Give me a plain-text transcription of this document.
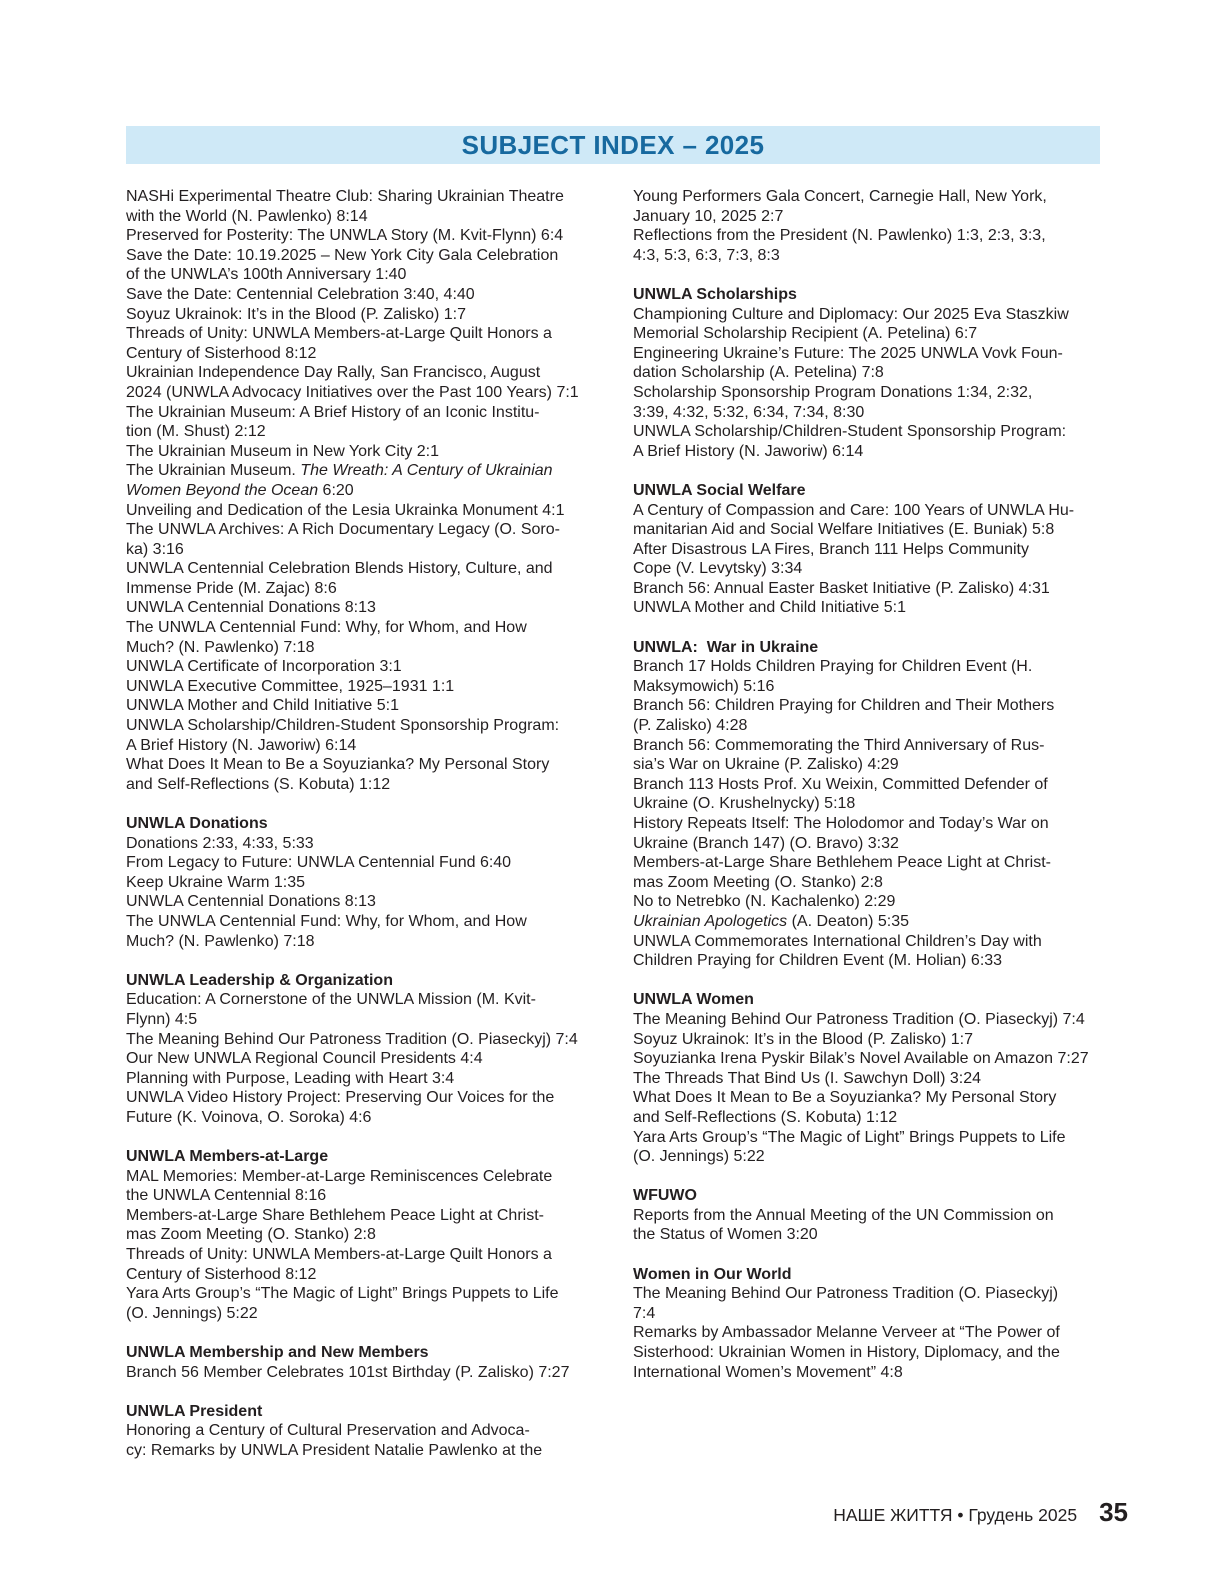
SUBJECT INDEX – 2025
NASHi Experimental Theatre Club: Sharing Ukrainian Theatre
with the World (N. Pawlenko) 8:14
Preserved for Posterity: The UNWLA Story (M. Kvit-Flynn) 6:4
Save the Date: 10.19.2025 – New York City Gala Celebration
of the UNWLA’s 100th Anniversary 1:40
Save the Date: Centennial Celebration 3:40, 4:40
Soyuz Ukrainok: It’s in the Blood (P. Zalisko) 1:7
Threads of Unity: UNWLA Members-at-Large Quilt Honors a
Century of Sisterhood 8:12
Ukrainian Independence Day Rally, San Francisco, August
2024 (UNWLA Advocacy Initiatives over the Past 100 Years) 7:1
The Ukrainian Museum: A Brief History of an Iconic Institu-
tion (M. Shust) 2:12
The Ukrainian Museum in New York City 2:1
The Ukrainian Museum. The Wreath: A Century of Ukrainian
Women Beyond the Ocean 6:20
Unveiling and Dedication of the Lesia Ukrainka Monument 4:1
The UNWLA Archives: A Rich Documentary Legacy (O. Soro-
ka) 3:16
UNWLA Centennial Celebration Blends History, Culture, and
Immense Pride (M. Zajac) 8:6
UNWLA Centennial Donations 8:13
The UNWLA Centennial Fund: Why, for Whom, and How
Much? (N. Pawlenko) 7:18
UNWLA Certificate of Incorporation 3:1
UNWLA Executive Committee, 1925–1931 1:1
UNWLA Mother and Child Initiative 5:1
UNWLA Scholarship/Children-Student Sponsorship Program:
A Brief History (N. Jaworiw) 6:14
What Does It Mean to Be a Soyuzianka? My Personal Story
and Self-Reflections (S. Kobuta) 1:12
UNWLA Donations
Donations 2:33, 4:33, 5:33
From Legacy to Future: UNWLA Centennial Fund 6:40
Keep Ukraine Warm 1:35
UNWLA Centennial Donations 8:13
The UNWLA Centennial Fund: Why, for Whom, and How
Much? (N. Pawlenko) 7:18
UNWLA Leadership & Organization
Education: A Cornerstone of the UNWLA Mission (M. Kvit-
Flynn) 4:5
The Meaning Behind Our Patroness Tradition (O. Piaseckyj) 7:4
Our New UNWLA Regional Council Presidents 4:4
Planning with Purpose, Leading with Heart 3:4
UNWLA Video History Project: Preserving Our Voices for the
Future (K. Voinova, O. Soroka) 4:6
UNWLA Members-at-Large
MAL Memories: Member-at-Large Reminiscences Celebrate
the UNWLA Centennial 8:16
Members-at-Large Share Bethlehem Peace Light at Christ-
mas Zoom Meeting (O. Stanko) 2:8
Threads of Unity: UNWLA Members-at-Large Quilt Honors a
Century of Sisterhood 8:12
Yara Arts Group’s “The Magic of Light” Brings Puppets to Life
(O. Jennings) 5:22
UNWLA Membership and New Members
Branch 56 Member Celebrates 101st Birthday (P. Zalisko) 7:27
UNWLA President
Honoring a Century of Cultural Preservation and Advoca-
cy: Remarks by UNWLA President Natalie Pawlenko at the
Young Performers Gala Concert, Carnegie Hall, New York,
January 10, 2025 2:7
Reflections from the President (N. Pawlenko) 1:3, 2:3, 3:3,
4:3, 5:3, 6:3, 7:3, 8:3
UNWLA Scholarships
Championing Culture and Diplomacy: Our 2025 Eva Staszkiw
Memorial Scholarship Recipient (A. Petelina) 6:7
Engineering Ukraine’s Future: The 2025 UNWLA Vovk Foun-
dation Scholarship (A. Petelina) 7:8
Scholarship Sponsorship Program Donations 1:34, 2:32,
3:39, 4:32, 5:32, 6:34, 7:34, 8:30
UNWLA Scholarship/Children-Student Sponsorship Program:
A Brief History (N. Jaworiw) 6:14
UNWLA Social Welfare
A Century of Compassion and Care: 100 Years of UNWLA Hu-
manitarian Aid and Social Welfare Initiatives (E. Buniak) 5:8
After Disastrous LA Fires, Branch 111 Helps Community
Cope (V. Levytsky) 3:34
Branch 56: Annual Easter Basket Initiative (P. Zalisko) 4:31
UNWLA Mother and Child Initiative 5:1
UNWLA:  War in Ukraine
Branch 17 Holds Children Praying for Children Event (H.
Maksymowich) 5:16
Branch 56: Children Praying for Children and Their Mothers
(P. Zalisko) 4:28
Branch 56: Commemorating the Third Anniversary of Rus-
sia’s War on Ukraine (P. Zalisko) 4:29
Branch 113 Hosts Prof. Xu Weixin, Committed Defender of
Ukraine (O. Krushelnycky) 5:18
History Repeats Itself: The Holodomor and Today’s War on
Ukraine (Branch 147) (O. Bravo) 3:32
Members-at-Large Share Bethlehem Peace Light at Christ-
mas Zoom Meeting (O. Stanko) 2:8
No to Netrebko (N. Kachalenko) 2:29
Ukrainian Apologetics (A. Deaton) 5:35
UNWLA Commemorates International Children’s Day with
Children Praying for Children Event (M. Holian) 6:33
UNWLA Women
The Meaning Behind Our Patroness Tradition (O. Piaseckyj) 7:4
Soyuz Ukrainok: It’s in the Blood (P. Zalisko) 1:7
Soyuzianka Irena Pyskir Bilak’s Novel Available on Amazon 7:27
The Threads That Bind Us (I. Sawchyn Doll) 3:24
What Does It Mean to Be a Soyuzianka? My Personal Story
and Self-Reflections (S. Kobuta) 1:12
Yara Arts Group’s “The Magic of Light” Brings Puppets to Life
(O. Jennings) 5:22
WFUWO
Reports from the Annual Meeting of the UN Commission on
the Status of Women 3:20
Women in Our World
The Meaning Behind Our Patroness Tradition (O. Piaseckyj)
7:4
Remarks by Ambassador Melanne Verveer at “The Power of
Sisterhood: Ukrainian Women in History, Diplomacy, and the
International Women’s Movement” 4:8
НАШЕ ЖИТТЯ • Грудень 2025 35
